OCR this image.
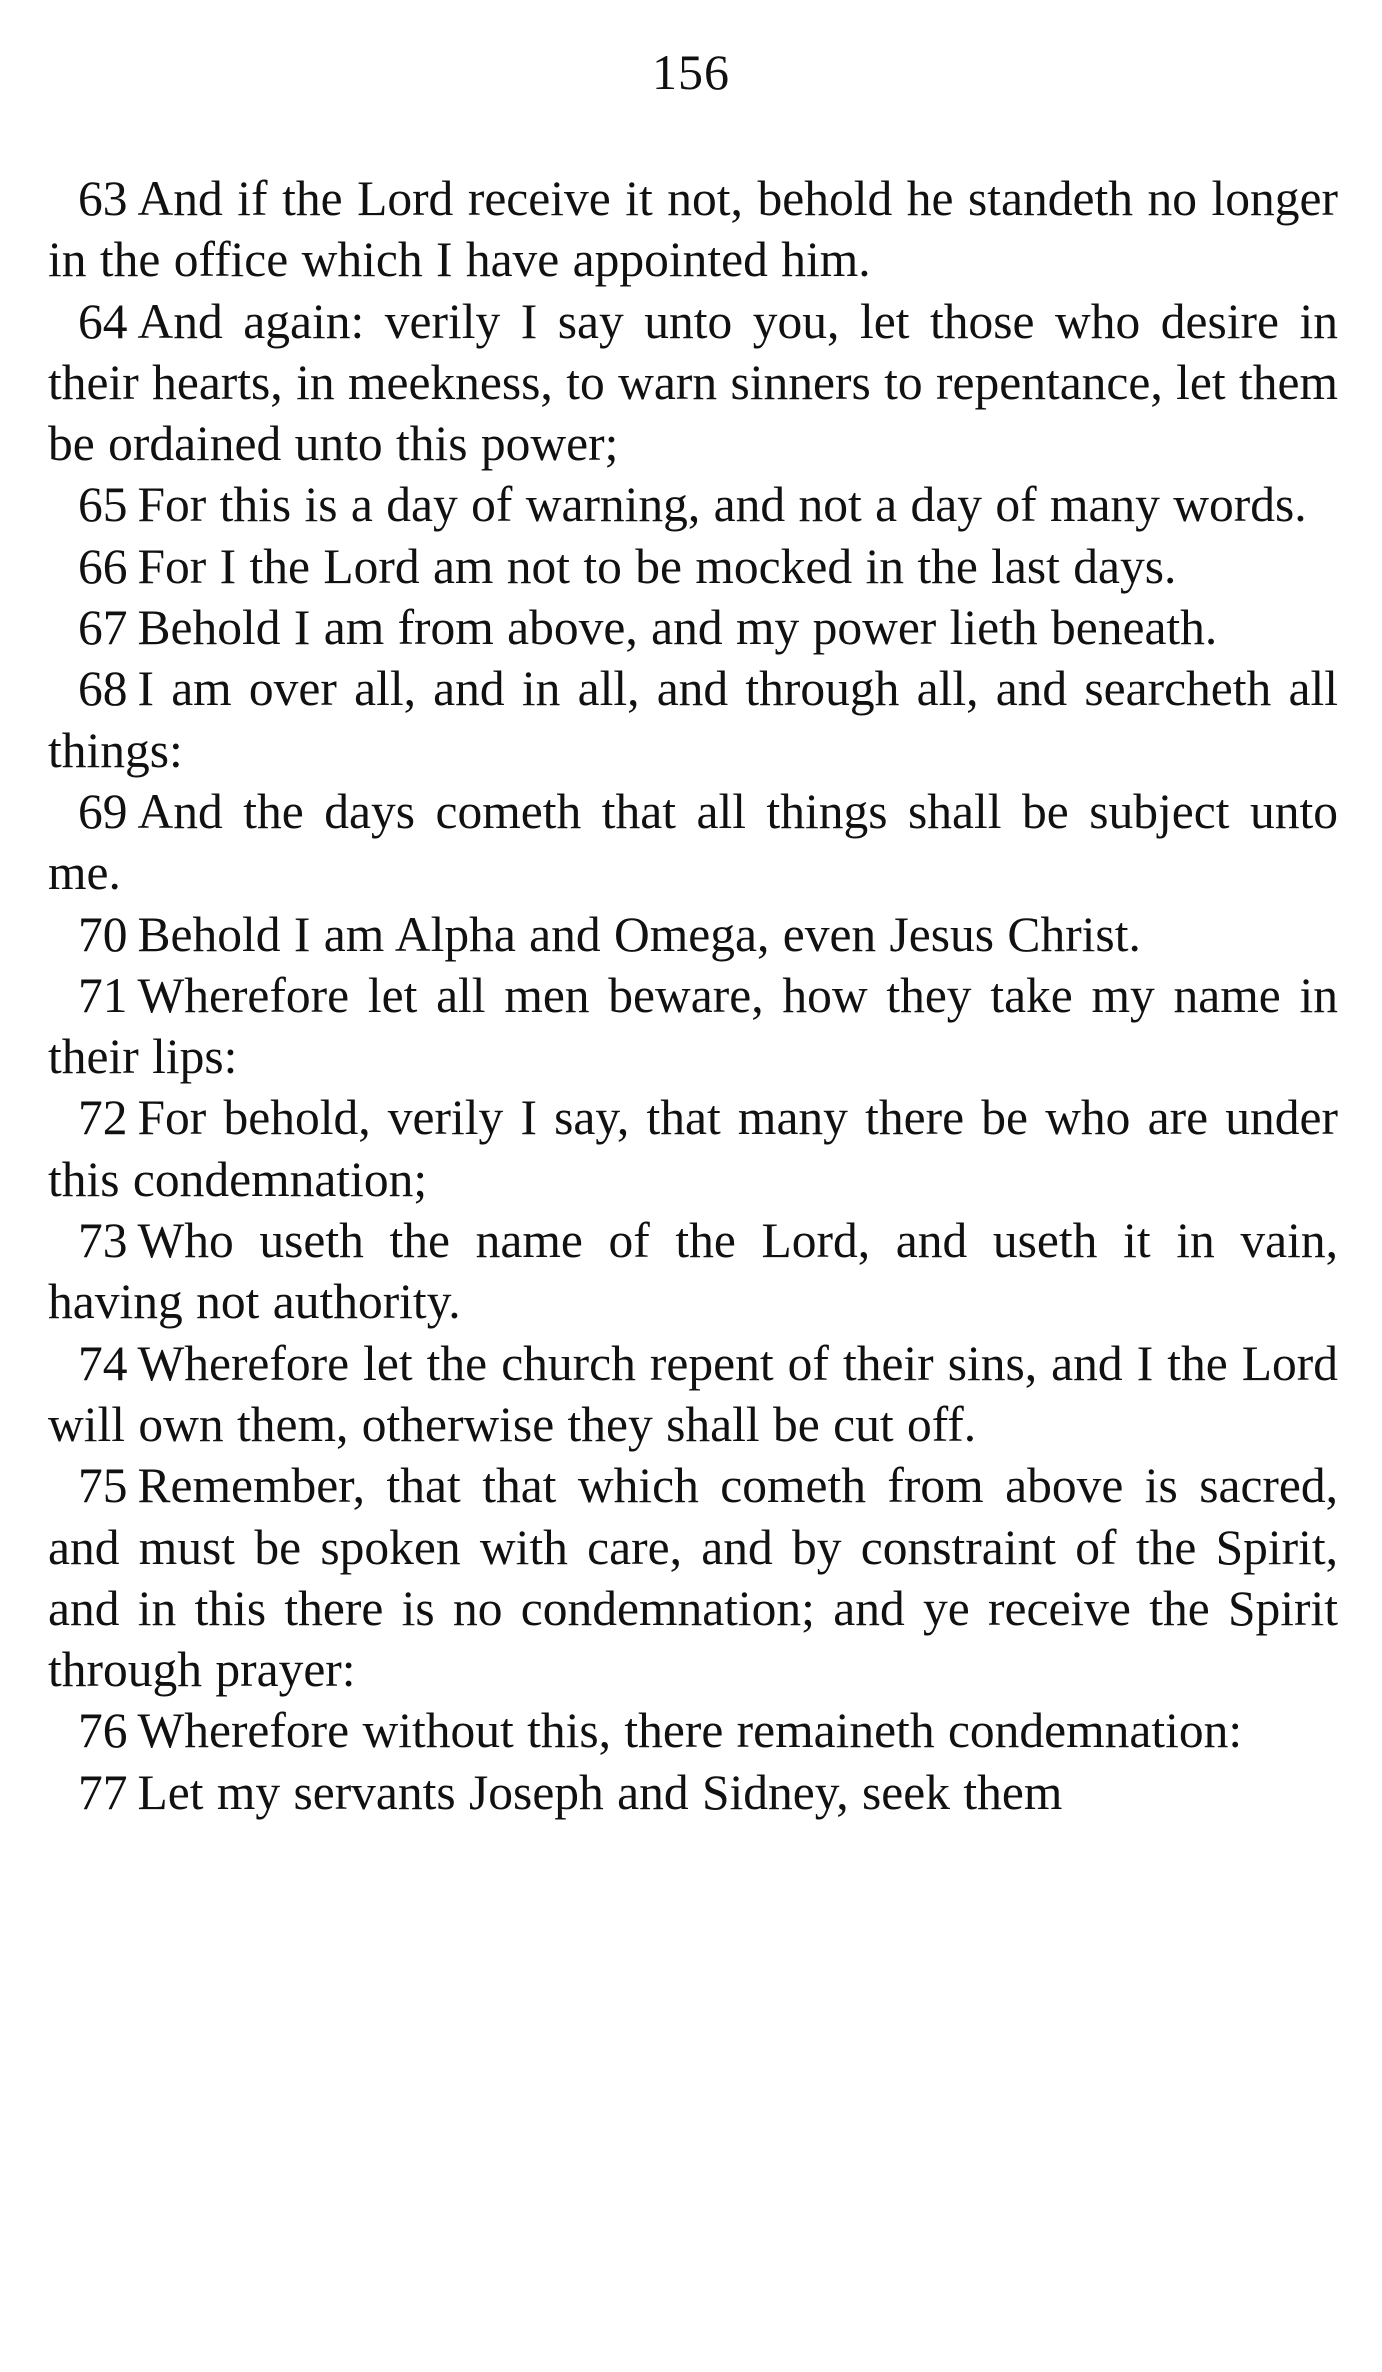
156

63 And if the Lord receive it not, behold he standeth no longer in the office which I have appointed him.

64 And again: verily I say unto you, let those who desire in their hearts, in meekness, to warn sinners to repentance, let them be ordained unto this power;

65 For this is a day of warning, and not a day of many words.

66 For I the Lord am not to be mocked in the last days.

67 Behold I am from above, and my power lieth beneath.

68 I am over all, and in all, and through all, and searcheth all things:

69 And the days cometh that all things shall be subject unto me.

70 Behold I am Alpha and Omega, even Jesus Christ.

71 Wherefore let all men beware, how they take my name in their lips:

72 For behold, verily I say, that many there be who are under this condemnation;

73 Who useth the name of the Lord, and useth it in vain, having not authority.

74 Wherefore let the church repent of their sins, and I the Lord will own them, otherwise they shall be cut off.

75 Remember, that that which cometh from above is sacred, and must be spoken with care, and by constraint of the Spirit, and in this there is no condemnation; and ye receive the Spirit through prayer:

76 Wherefore without this, there remaineth condemnation:

77 Let my servants Joseph and Sidney, seek them
